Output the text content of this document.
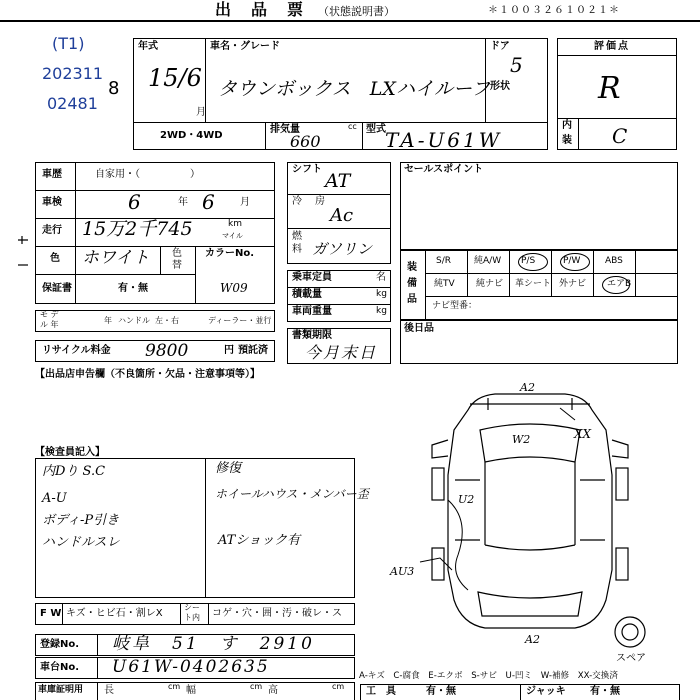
出　品　票 （状態説明書）	＊１００３２６１０２１＊
(T1)
202311
02481
8
年式
15/6
月
車名・グレード
タウンボックス　LXハイルーフ
ドア
5
形状
2WD・4WD
排気量	cc
660
型式 TA-U61W
評価点
R
内
装 C
車歴	自家用・（　　　　　）
車検	6	年 6	月
走行 15万2千745	km
マイル
色 ホワイト 色
替
カラーNo.
W09
保証書	有・無
モ デ
ル 年	年 ハンドル 左・右	ディーラー・並行
リサイクル料金 9800	円 預託済
シフト
AT
冷 房
Ac
燃
料 ガソリン
乗車定員	名
積載量	kg
車両重量	kg
書類期限
今月末日
セールスポイント
装
備
品
S/R	純A/W P/S	P/W	ABS
純TV 純ナビ 革シート 外ナビ エアB
ナビ型番：
後日品
【出品店申告欄（不良箇所・欠品・注意事項等）】
【検査員記入】
内Dり S.C
A-U
ボディ-P引き
ハンドルスレ
修復
ホイールハウス・メンバー歪
ATショック有
F W キズ・ヒビ石・割レX
シー
ト内 コゲ・穴・囲・汚・破レ・ス
登録No. 岐阜　51　す　2910
車台No. U61W-0402635
車庫証明用 長	cm 幅	cm 高	cm
A-キズ　C-腐食　E-エクボ　S-サビ　U-凹ミ　W-補修　XX-交換済
工　具	有・無	ジャッキ 有・無
A2
W2	XX
U2
AU3
A2
スペア
